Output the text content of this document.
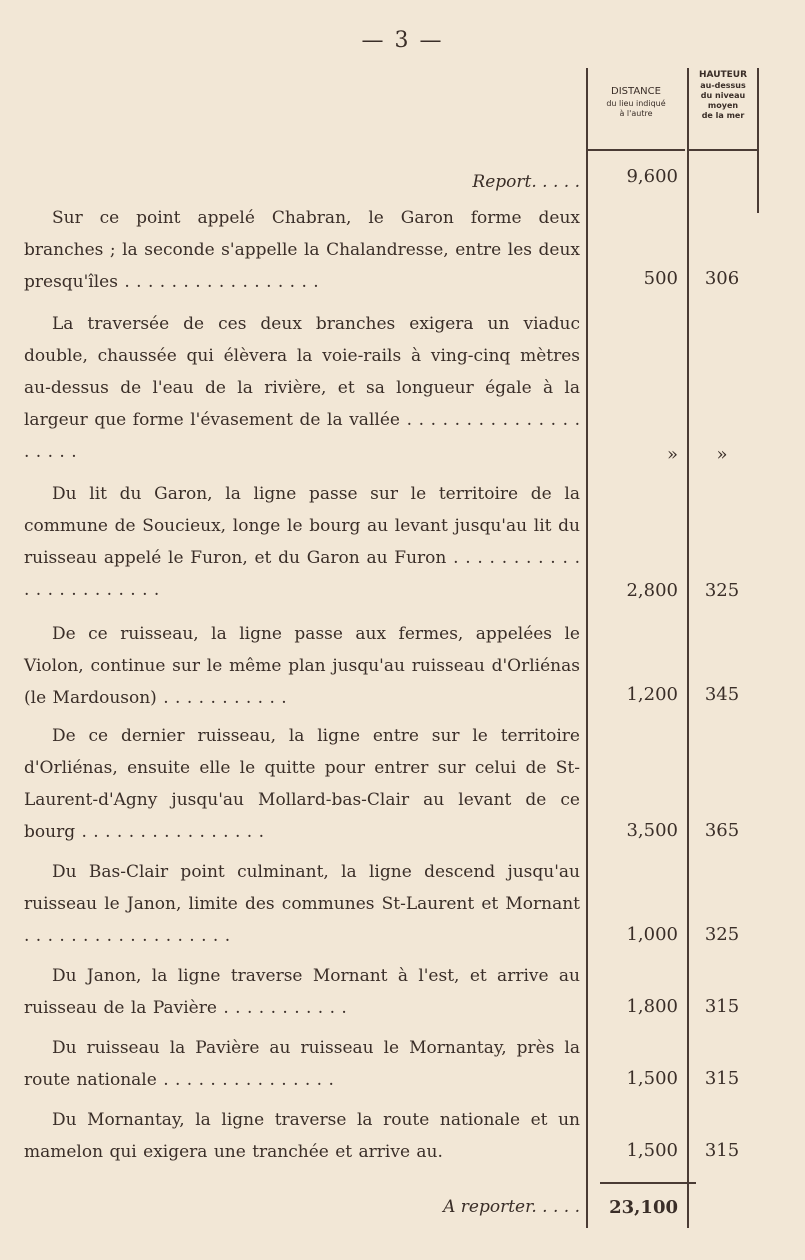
— 3 —
DISTANCE
du lieu indiqué
à l'autre
HAUTEUR
au-dessus
du niveau
moyen
de la mer
Report. . . . .	9,600
Sur ce point appelé Chabran, le Garon forme deux branches ; la seconde s'appelle la Chalandresse, entre les deux presqu'îles . . . . . . . . . . . . . . . . .	500	306
La traversée de ces deux branches exigera un viaduc double, chaussée qui élèvera la voie-rails à ving-cinq mètres au-dessus de l'eau de la rivière, et sa longueur égale à la largeur que forme l'évasement de la vallée . . . . . . . . . . . . . . . . . . . .	»	»
Du lit du Garon, la ligne passe sur le territoire de la commune de Soucieux, longe le bourg au levant jusqu'au lit du ruisseau appelé le Furon, et du Garon au Furon . . . . . . . . . . . . . . . . . . . . . . .	2,800	325
De ce ruisseau, la ligne passe aux fermes, appelées le Violon, continue sur le même plan jusqu'au ruisseau d'Orliénas (le Mardouson) . . . . . . . . . . .	1,200	345
De ce dernier ruisseau, la ligne entre sur le territoire d'Orliénas, ensuite elle le quitte pour entrer sur celui de St-Laurent-d'Agny jusqu'au Mollard-bas-Clair au levant de ce bourg . . . . . . . . . . . . . . . .	3,500	365
Du Bas-Clair point culminant, la ligne descend jusqu'au ruisseau le Janon, limite des communes St-Laurent et Mornant . . . . . . . . . . . . . . . . . .	1,000	325
Du Janon, la ligne traverse Mornant à l'est, et arrive au ruisseau de la Pavière . . . . . . . . . . .	1,800	315
Du ruisseau la Pavière au ruisseau le Mornantay, près la route nationale . . . . . . . . . . . . . . .	1,500	315
Du Mornantay, la ligne traverse la route nationale et un mamelon qui exigera une tranchée et arrive au.	1,500	315
A reporter. . . . .	23,100
